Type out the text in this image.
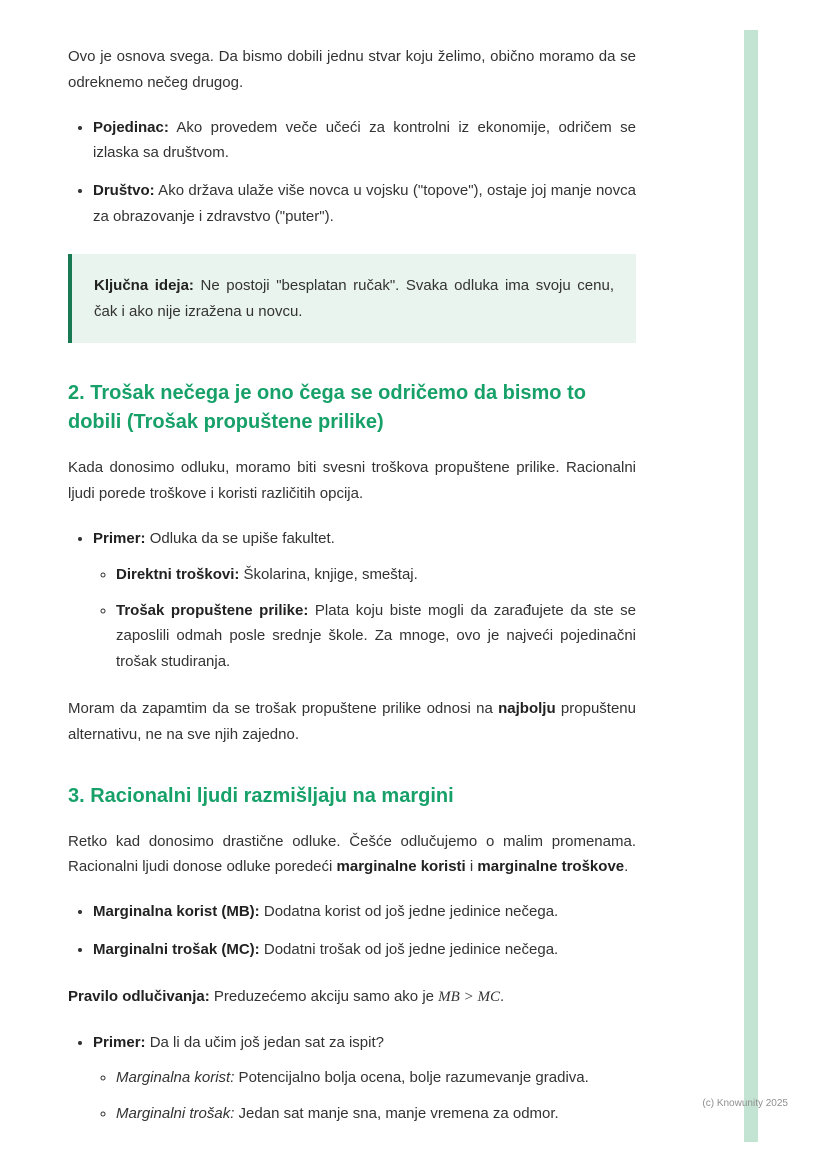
Ovo je osnova svega. Da bismo dobili jednu stvar koju želimo, obično moramo da se odreknemo nečeg drugog.

• Pojedinac: Ako provedem veče učeći za kontrolni iz ekonomije, odričem se izlaska sa društvom.
• Društvo: Ako država ulaže više novca u vojsku ("topove"), ostaje joj manje novca za obrazovanje i zdravstvo ("puter").

Ključna ideja: Ne postoji "besplatan ručak". Svaka odluka ima svoju cenu, čak i ako nije izražena u novcu.

2. Trošak nečega je ono čega se odričemo da bismo to dobili (Trošak propuštene prilike)

Kada donosimo odluku, moramo biti svesni troškova propuštene prilike. Racionalni ljudi porede troškove i koristi različitih opcija.

• Primer: Odluka da se upiše fakultet.
◦ Direktni troškovi: Školarina, knjige, smeštaj.
◦ Trošak propuštene prilike: Plata koju biste mogli da zarađujete da ste se zaposlili odmah posle srednje škole. Za mnoge, ovo je najveći pojedinačni trošak studiranja.

Moram da zapamtim da se trošak propuštene prilike odnosi na najbolju propuštenu alternativu, ne na sve njih zajedno.

3. Racionalni ljudi razmišljaju na margini

Retko kad donosimo drastične odluke. Češće odlučujemo o malim promenama. Racionalni ljudi donose odluke poredeći marginalne koristi i marginalne troškove.

• Marginalna korist (MB): Dodatna korist od još jedne jedinice nečega.
• Marginalni trošak (MC): Dodatni trošak od još jedne jedinice nečega.

Pravilo odlučivanja: Preduzećemo akciju samo ako je MB > MC.

• Primer: Da li da učim još jedan sat za ispit?
◦ Marginalna korist: Potencijalno bolja ocena, bolje razumevanje gradiva.
◦ Marginalni trošak: Jedan sat manje sna, manje vremena za odmor.
(c) Knowunity 2025
